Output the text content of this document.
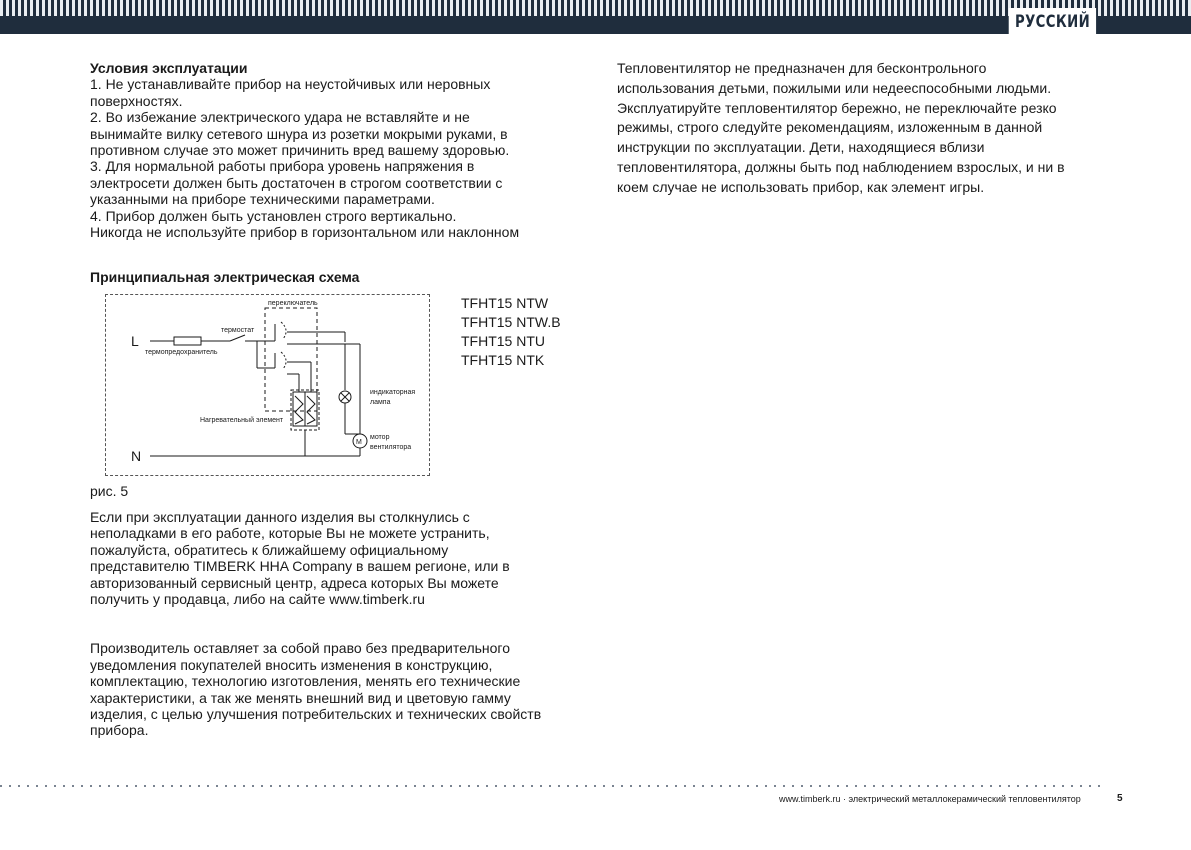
РУССКИЙ
Условия эксплуатации
1. Не устанавливайте прибор на неустойчивых или неровных
поверхностях.
2. Во избежание электрического удара не вставляйте и не
вынимайте вилку сетевого шнура из розетки мокрыми руками, в
противном случае это может причинить вред вашему здоровью.
3. Для нормальной работы прибора уровень напряжения в
электросети должен быть достаточен в строгом соответствии с
указанными на приборе техническими параметрами.
4. Прибор должен быть установлен строго вертикально.
Никогда не используйте прибор в горизонтальном или наклонном
Принципиальная электрическая схема
L
N
переключатель
термостат
термопредохранитель
Нагревательный элемент
индикаторная
лампа
мотор
вентилятора
M
TFHT15 NTW
TFHT15 NTW.B
TFHT15 NTU
TFHT15 NTK
рис. 5
Если при эксплуатации данного изделия вы столкнулись с
неполадками в его работе, которые Вы не можете устранить,
пожалуйста, обратитесь к ближайшему официальному
представителю TIMBERK HHA Company в вашем регионе, или в
авторизованный сервисный центр, адреса которых Вы можете
получить у продавца, либо на сайте www.timberk.ru
Производитель оставляет за собой право без предварительного
уведомления покупателей вносить изменения в конструкцию,
комплектацию, технологию изготовления, менять его технические
характеристики, а так же менять внешний вид и цветовую гамму
изделия, с целью улучшения потребительских и технических свойств
прибора.
Тепловентилятор не предназначен для бесконтрольного
использования детьми, пожилыми или недееспособными людьми.
Эксплуатируйте тепловентилятор бережно, не переключайте резко
режимы, строго следуйте рекомендациям, изложенным в данной
инструкции по эксплуатации. Дети, находящиеся вблизи
тепловентилятора, должны быть под наблюдением взрослых, и ни в
коем случае не использовать прибор, как элемент игры.
www.timberk.ru · электрический металлокерамический тепловентилятор	5
